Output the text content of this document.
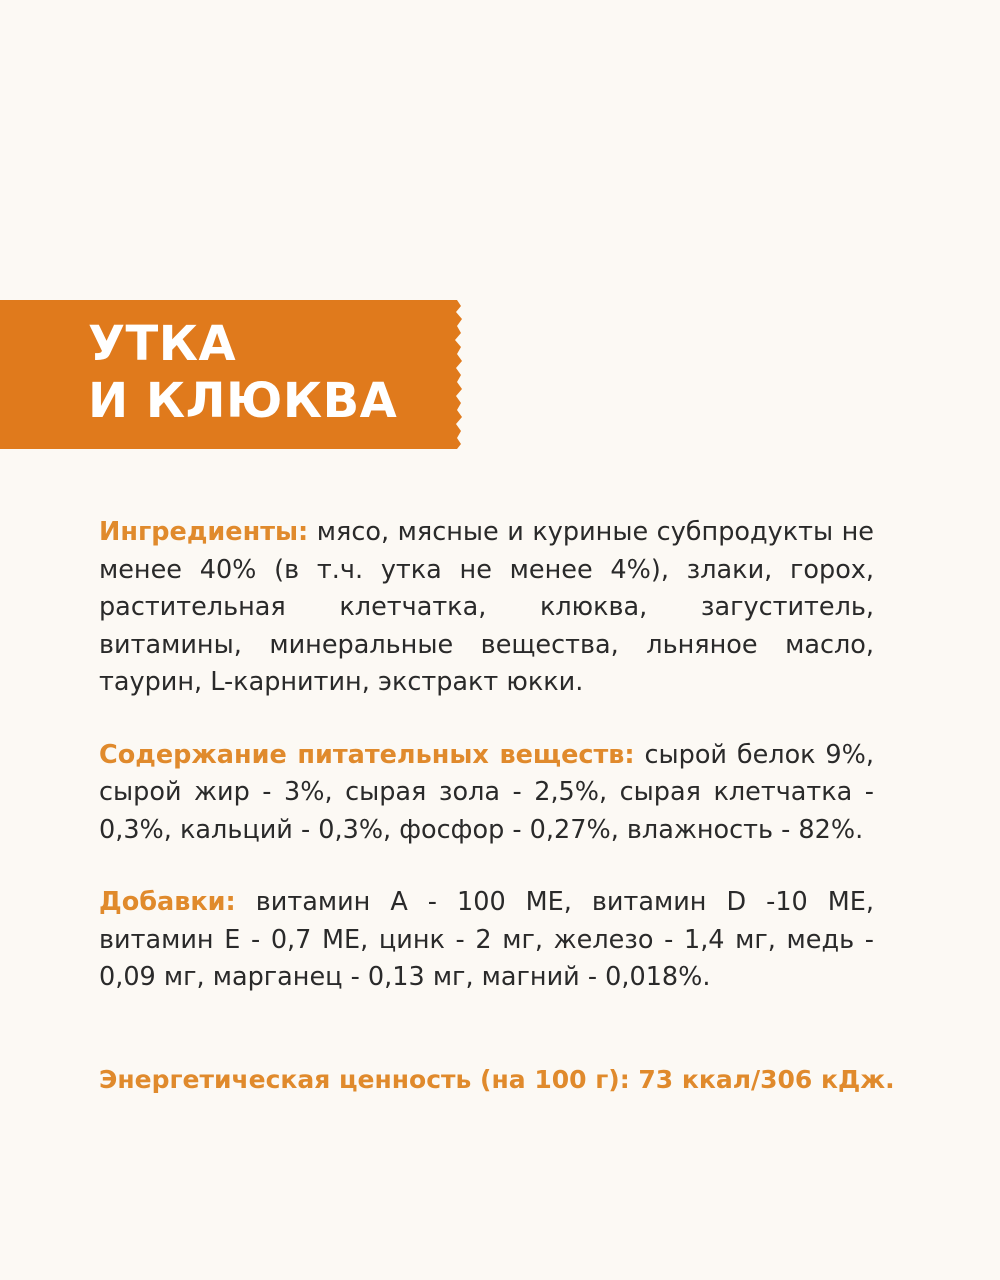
УТКА
И КЛЮКВА

Ингредиенты: мясо, мясные и куриные субпродукты не менее 40% (в т.ч. утка не менее 4%), злаки, горох, растительная клетчатка, клюква, загуститель, витамины, минеральные вещества, льняное масло, таурин, L-карнитин, экстракт юкки.

Содержание питательных веществ: сырой белок 9%, сырой жир - 3%, сырая зола - 2,5%, сырая клетчатка - 0,3%, кальций - 0,3%, фосфор - 0,27%, влажность - 82%.

Добавки: витамин А - 100 МЕ, витамин D -10 МЕ, витамин Е - 0,7 МЕ, цинк - 2 мг, железо - 1,4 мг, медь - 0,09 мг, марганец - 0,13 мг, магний - 0,018%.

Энергетическая ценность (на 100 г): 73 ккал/306 кДж.
